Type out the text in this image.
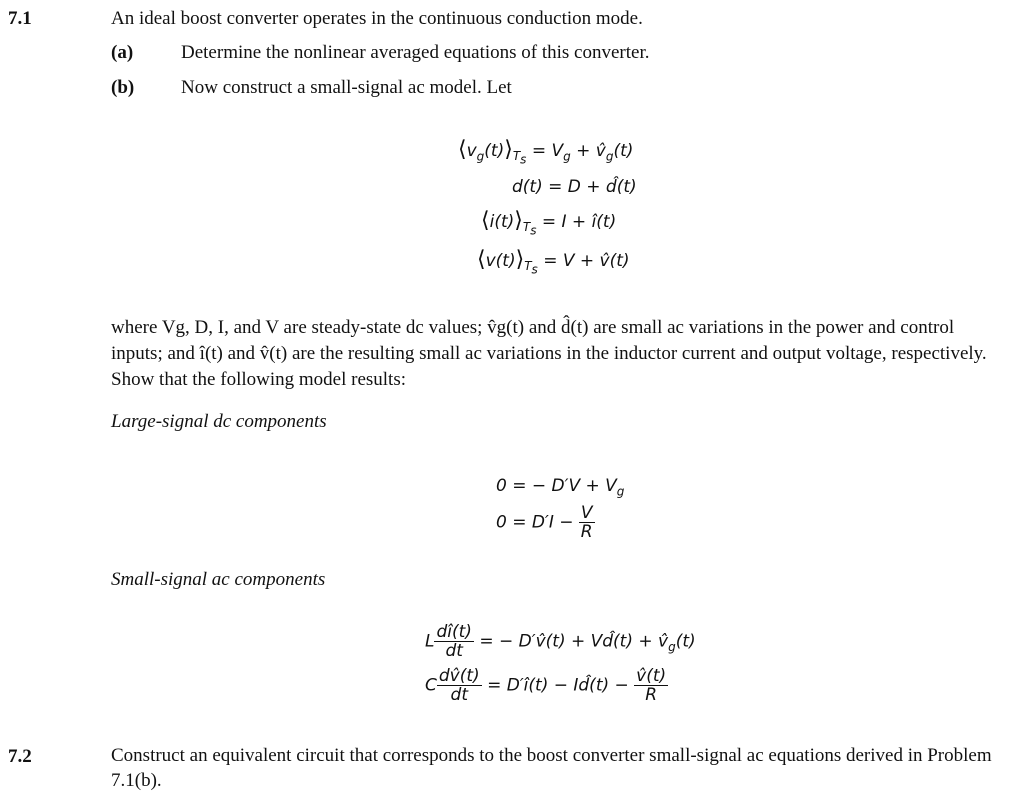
7.1	An ideal boost converter operates in the continuous conduction mode.
(a)	Determine the nonlinear averaged equations of this converter.
(b) Now construct a small-signal ac model. Let
$⟨v_g(t)⟩_{T_s} = V_g$ + $v̂_g(t)$
d(t) = D + d̂(t)
$⟨i(t)⟩_{T_s} = I$ + î(t)
$⟨v(t)⟩_{T_s} = V$ + v̂(t)
where Vg, D, I, and V are steady-state dc values; v̂g(t) and d̂(t) are small ac variations in the power and control inputs; and î(t) and v̂(t) are the resulting small ac variations in the inductor current and output voltage, respectively. Show that the following model results:
Large-signal dc components
0 = − $D'V + V_g$
$0 = D'I - \frac{V}{R}$
Small-signal ac components
L $\frac{dî(t)}{dt}$ = − D′v̂(t) + Vd̂(t) + $v̂_g(t)$
C $\frac{dv̂(t)}{dt}$ = D′î(t) − Id̂(t) − $\frac{v̂(t)}{R}$
7.2	Construct an equivalent circuit that corresponds to the boost converter small-signal ac equations derived in Problem 7.1(b).
